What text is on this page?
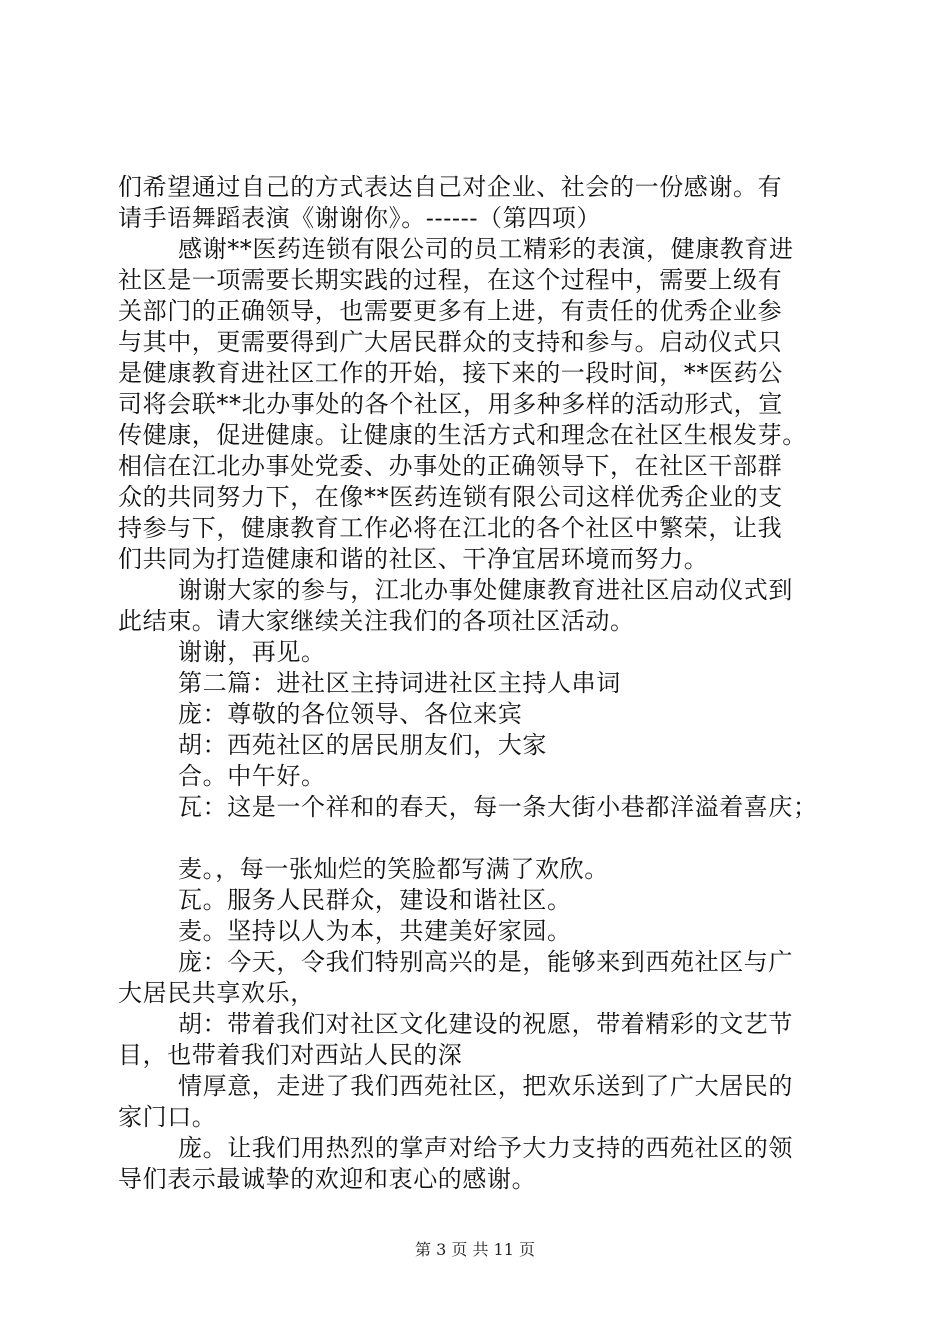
们希望通过自己的方式表达自己对企业、社会的一份感谢。有
请手语舞蹈表演《谢谢你》。------（第四项）
感谢**医药连锁有限公司的员工精彩的表演，健康教育进
社区是一项需要长期实践的过程，在这个过程中，需要上级有
关部门的正确领导，也需要更多有上进，有责任的优秀企业参
与其中，更需要得到广大居民群众的支持和参与。启动仪式只
是健康教育进社区工作的开始，接下来的一段时间，**医药公
司将会联**北办事处的各个社区，用多种多样的活动形式，宣
传健康，促进健康。让健康的生活方式和理念在社区生根发芽。
相信在江北办事处党委、办事处的正确领导下，在社区干部群
众的共同努力下，在像**医药连锁有限公司这样优秀企业的支
持参与下，健康教育工作必将在江北的各个社区中繁荣，让我
们共同为打造健康和谐的社区、干净宜居环境而努力。
谢谢大家的参与，江北办事处健康教育进社区启动仪式到
此结束。请大家继续关注我们的各项社区活动。
谢谢，再见。
第二篇：进社区主持词进社区主持人串词
庞：尊敬的各位领导、各位来宾
胡：西苑社区的居民朋友们，大家
合。中午好。
瓦：这是一个祥和的春天，每一条大街小巷都洋溢着喜庆；
麦。，每一张灿烂的笑脸都写满了欢欣。
瓦。服务人民群众，建设和谐社区。
麦。坚持以人为本，共建美好家园。
庞：今天，令我们特别高兴的是，能够来到西苑社区与广
大居民共享欢乐，
胡：带着我们对社区文化建设的祝愿，带着精彩的文艺节
目，也带着我们对西站人民的深
情厚意，走进了我们西苑社区，把欢乐送到了广大居民的
家门口。
庞。让我们用热烈的掌声对给予大力支持的西苑社区的领
导们表示最诚挚的欢迎和衷心的感谢。
第 3 页 共 11 页
